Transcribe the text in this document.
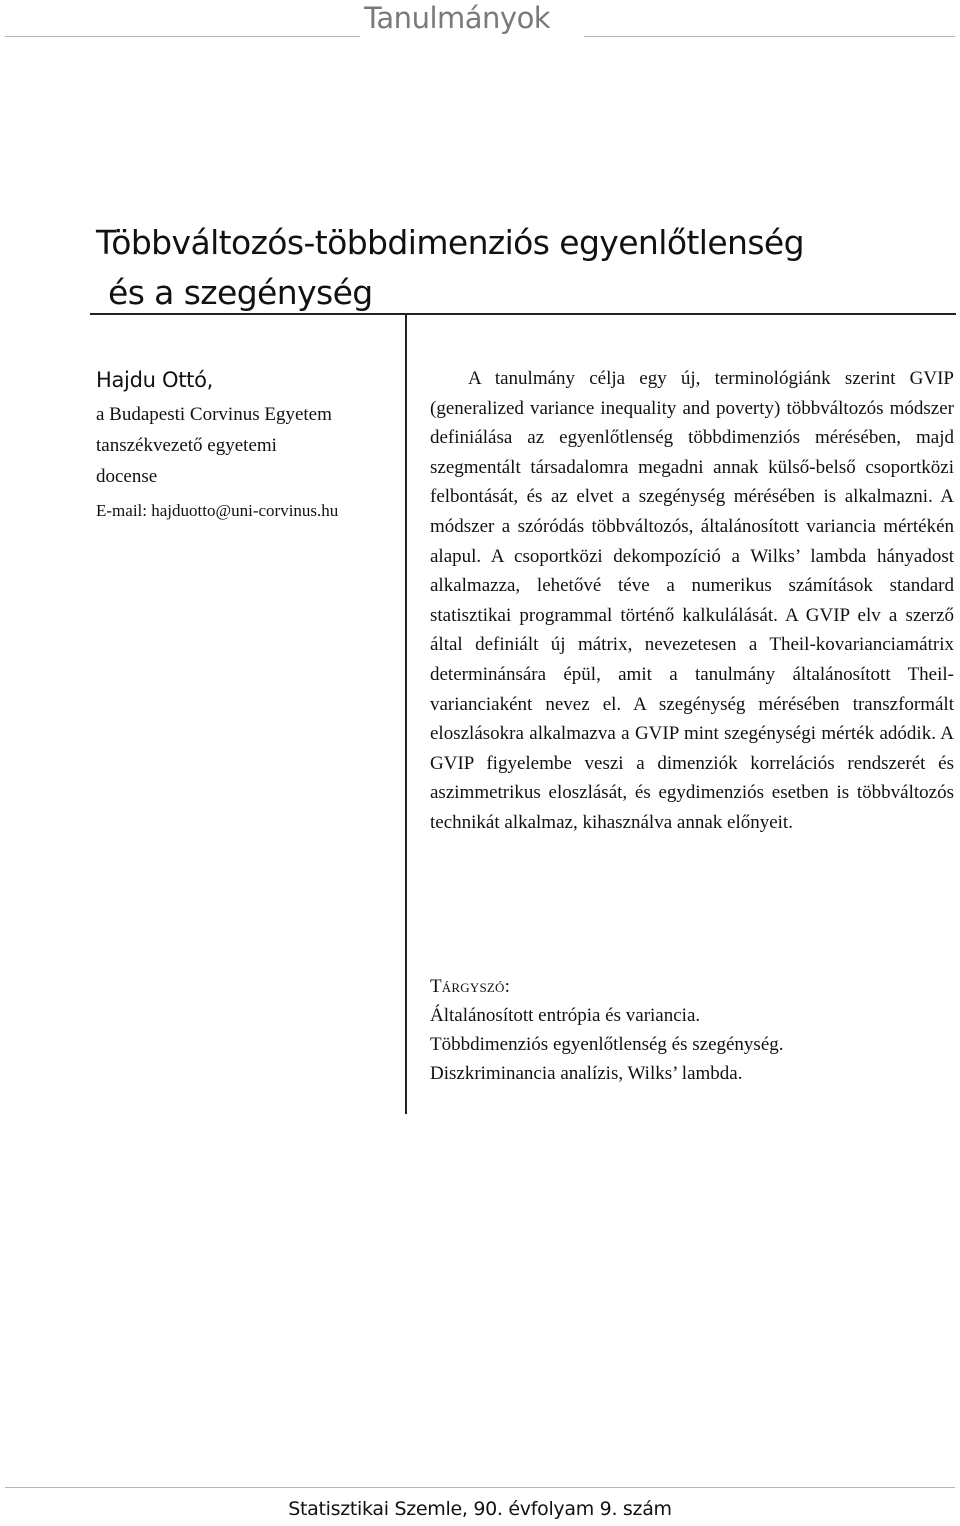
Tanulmányok
Többváltozós-többdimenziós egyenlőtlenség
és a szegénység
Hajdu Ottó,
a Budapesti Corvinus Egyetem
tanszékvezető egyetemi
docense
E-mail: hajduotto@uni-corvinus.hu

A tanulmány célja egy új, terminológiánk szerint GVIP (generalized variance inequality and poverty) többváltozós módszer definiálása az egyenlőtlenség többdimenziós mérésében, majd szegmentált társadalomra megadni annak külső-belső csoportközi felbontását, és az elvet a szegénység mérésében is alkalmazni. A módszer a szóródás többváltozós, általánosított variancia mértékén alapul. A csoportközi dekompozíció a Wilks’ lambda hányadost alkalmazza, lehetővé téve a numerikus számítások standard statisztikai programmal történő kalkulálását. A GVIP elv a szerző által definiált új mátrix, nevezetesen a Theil-kovarianciamátrix determinánsára épül, amit a tanulmány általánosított Theil-varianciaként nevez el. A szegénység mérésében transzformált eloszlásokra alkalmazva a GVIP mint szegénységi mérték adódik. A GVIP figyelembe veszi a dimenziók korrelációs rendszerét és aszimmetrikus eloszlását, és egydimenziós esetben is többváltozós technikát alkalmaz, kihasználva annak előnyeit.

Tárgyszó:
Általánosított entrópia és variancia.
Többdimenziós egyenlőtlenség és szegénység.
Diszkriminancia analízis, Wilks’ lambda.
Statisztikai Szemle, 90. évfolyam 9. szám
